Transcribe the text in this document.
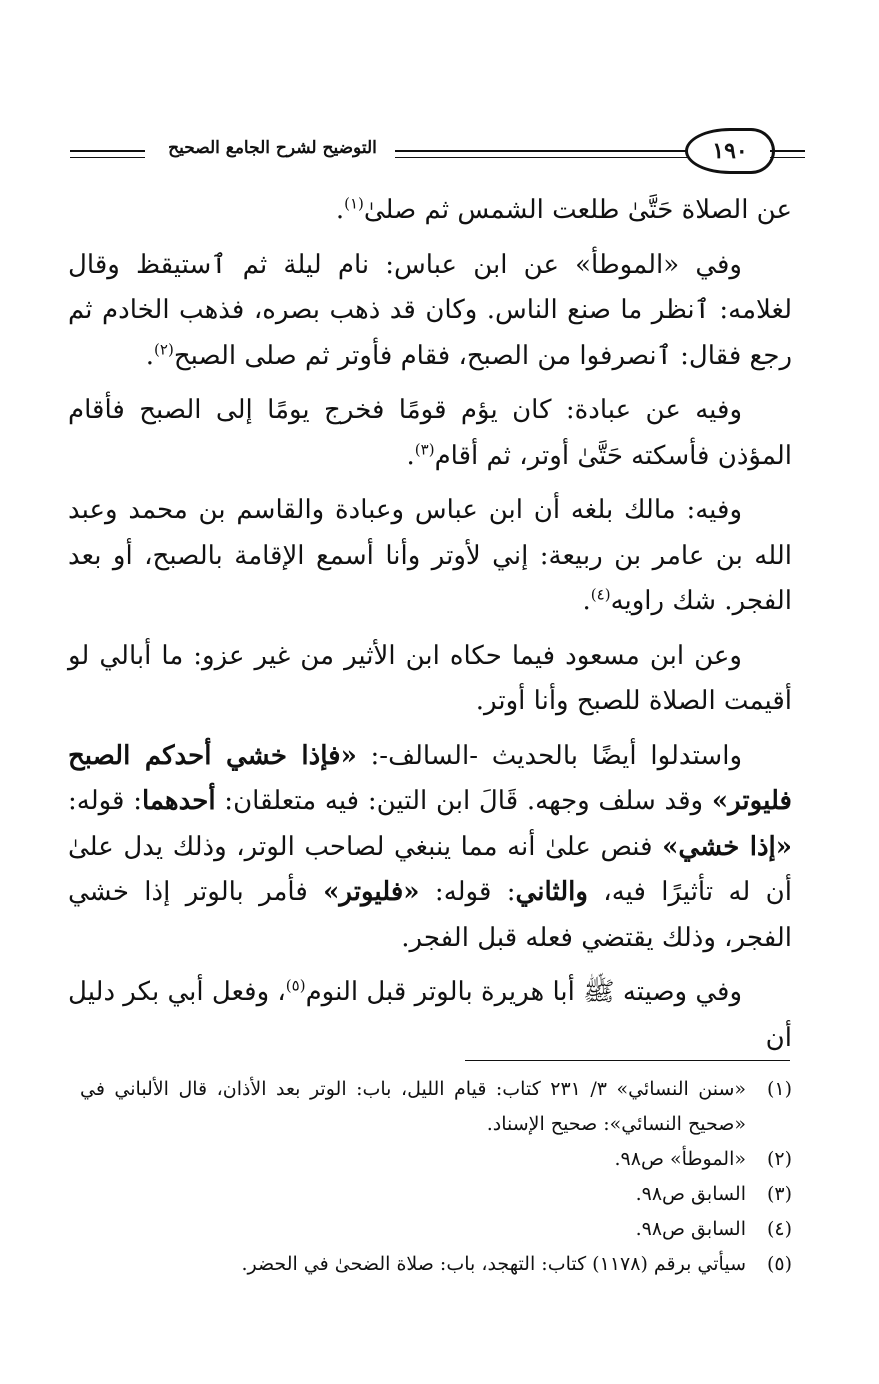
التوضيح لشرح الجامع الصحيح	١٩٠

عن الصلاة حَتَّىٰ طلعت الشمس ثم صلىٰ$^{(١)}$.

وفي «الموطأ» عن ابن عباس: نام ليلة ثم ٱستيقظ وقال لغلامه: ٱنظر ما صنع الناس. وكان قد ذهب بصره، فذهب الخادم ثم رجع فقال: ٱنصرفوا من الصبح، فقام فأوتر ثم صلى الصبح$^{(٢)}$.

وفيه عن عبادة: كان يؤم قومًا فخرج يومًا إلى الصبح فأقام المؤذن فأسكته حَتَّىٰ أوتر، ثم أقام$^{(٣)}$.

وفيه: مالك بلغه أن ابن عباس وعبادة والقاسم بن محمد وعبد الله بن عامر بن ربيعة: إني لأوتر وأنا أسمع الإقامة بالصبح، أو بعد الفجر. شك راويه$^{(٤)}$.

وعن ابن مسعود فيما حكاه ابن الأثير من غير عزو: ما أبالي لو أقيمت الصلاة للصبح وأنا أوتر.

واستدلوا أيضًا بالحديث -السالف-: «فإذا خشي أحدكم الصبح فليوتر» وقد سلف وجهه. قَالَ ابن التين: فيه متعلقان: أحدهما: قوله: «إذا خشي» فنص علىٰ أنه مما ينبغي لصاحب الوتر، وذلك يدل علىٰ أن له تأثيرًا فيه، والثاني: قوله: «فليوتر» فأمر بالوتر إذا خشي الفجر، وذلك يقتضي فعله قبل الفجر.

وفي وصيته ﷺ أبا هريرة بالوتر قبل النوم$^{(٥)}$، وفعل أبي بكر دليل أن

(١)
«سنن النسائي» ٣/ ٢٣١ كتاب: قيام الليل، باب: الوتر بعد الأذان، قال الألباني في «صحيح النسائي»: صحيح الإسناد.
(٢)
«الموطأ» ص٩٨.
(٣)
السابق ص٩٨.
(٤)
السابق ص٩٨.
(٥)
سيأتي برقم (١١٧٨) كتاب: التهجد، باب: صلاة الضحىٰ في الحضر.
